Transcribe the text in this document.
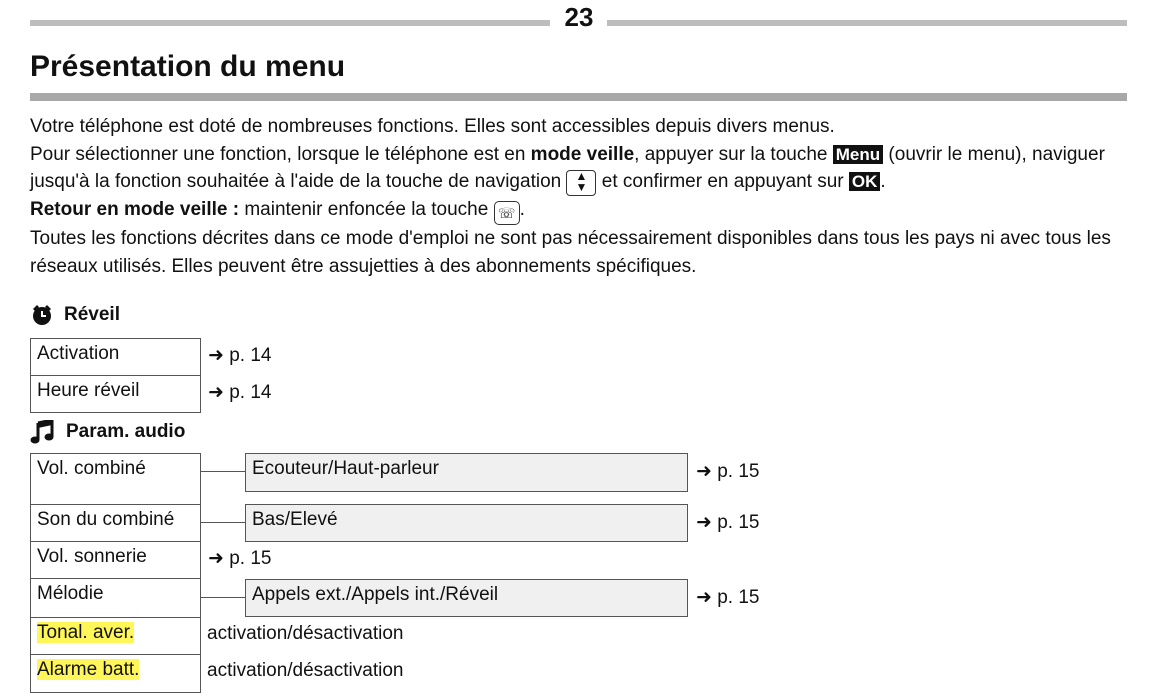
23
Présentation du menu

Votre téléphone est doté de nombreuses fonctions. Elles sont accessibles depuis divers menus.

Pour sélectionner une fonction, lorsque le téléphone est en mode veille, appuyer sur la touche Menu (ouvrir le menu), naviguer jusqu'à la fonction souhaitée à l'aide de la touche de navigation ▲
▼ et confirmer en appuyant sur OK .

Retour en mode veille : maintenir enfoncée la touche ☏ .

Toutes les fonctions décrites dans ce mode d'emploi ne sont pas nécessairement disponibles dans tous les pays ni avec tous les réseaux utilisés. Elles peuvent être assujetties à des abonnements spécifiques.

Réveil
Activation	➜ p. 14
Heure réveil	➜ p. 14
Param. audio
Vol. combiné	Ecouteur/Haut-parleur	➜ p. 15
Son du combiné	Bas/Elevé	➜ p. 15
Vol. sonnerie	➜ p. 15
Mélodie	Appels ext./Appels int./Réveil	➜ p. 15
Tonal. aver.	activation/désactivation
Alarme batt.	activation/désactivation
